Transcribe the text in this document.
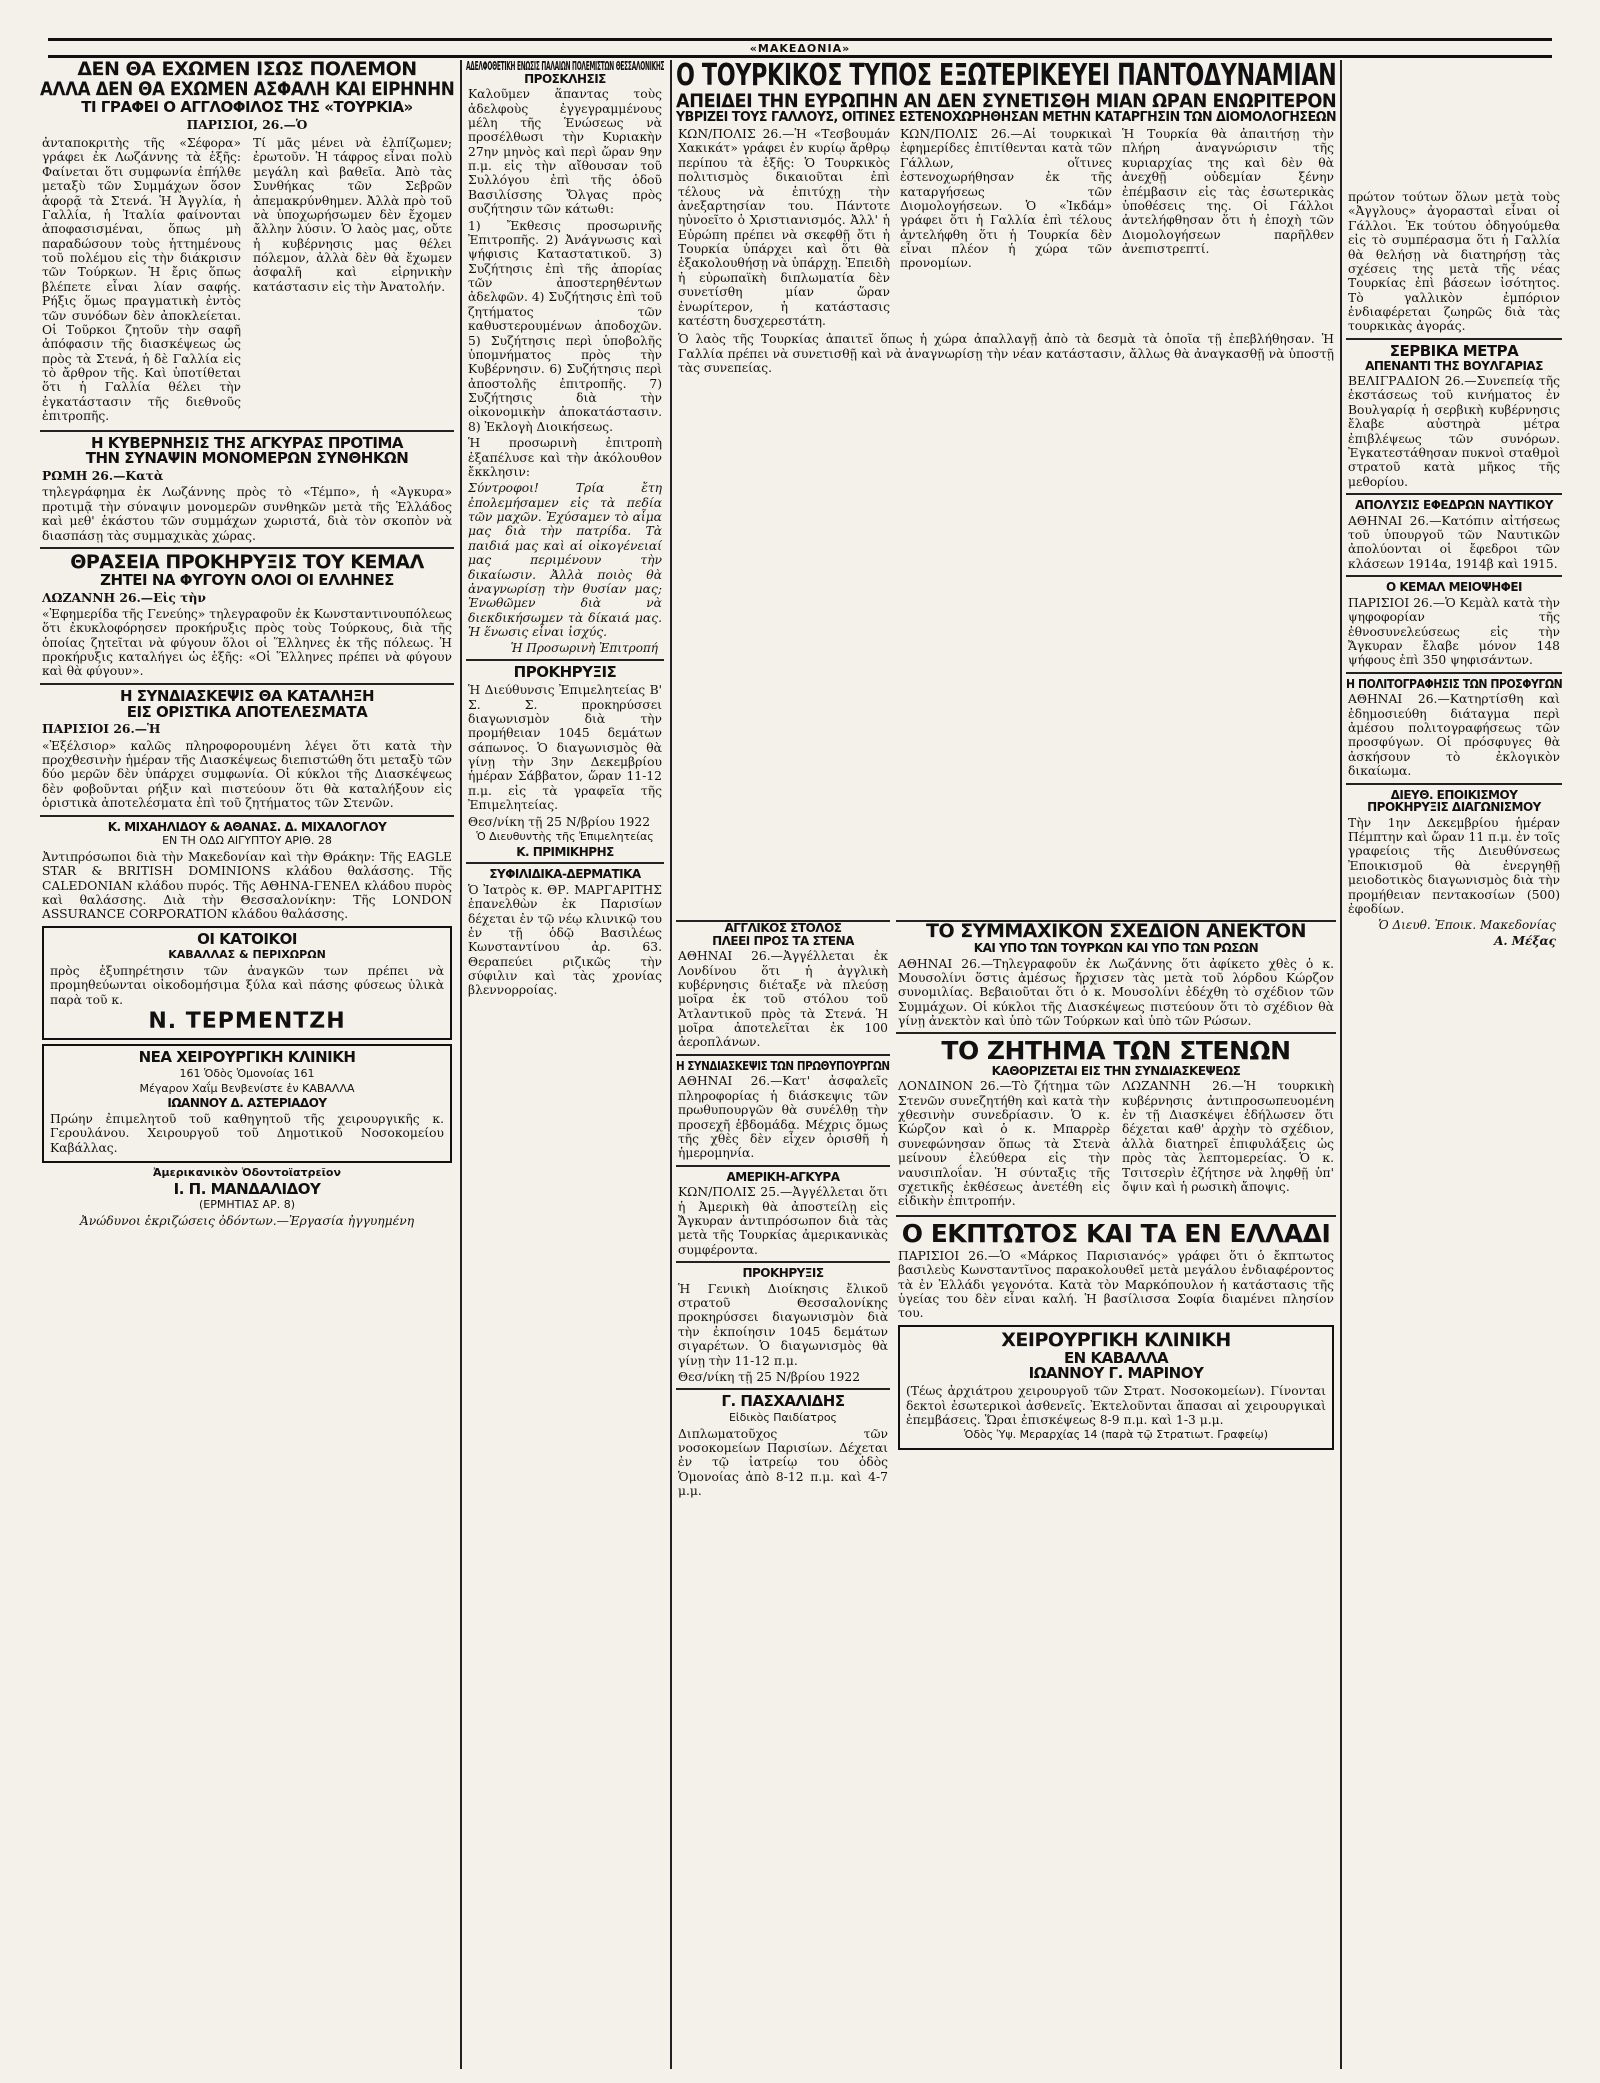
«ΜΑΚΕΔΟΝΙΑ»
ΔΕΝ ΘΑ ΕΧΩΜΕΝ ΙΣΩΣ ΠΟΛΕΜΟΝ
ΑΛΛΑ ΔΕΝ ΘΑ ΕΧΩΜΕΝ ΑΣΦΑΛΗ ΚΑΙ ΕΙΡΗΝΗΝ
ΤΙ ΓΡΑΦΕΙ Ο ΑΓΓΛΟΦΙΛΟΣ ΤΗΣ «ΤΟΥΡΚΙΑ»
ΠΑΡΙΣΙΟΙ, 26.—Ὁ
ἀνταποκριτὴς τῆς «Σέφορα» γράφει ἐκ Λωζάννης τὰ ἑξῆς: Φαίνεται ὅτι συμφωνία ἐπήλθε μεταξὺ τῶν Συμμάχων ὅσον ἀφορᾷ τὰ Στενά. Ἡ Ἀγγλία, ἡ Γαλλία, ἡ Ἰταλία φαίνονται ἀποφασισμέναι, ὅπως μὴ παραδώσουν τοὺς ἡττημένους τοῦ πολέμου εἰς τὴν διάκρισιν τῶν Τούρκων. Ἡ ἔρις ὅπως βλέπετε εἶναι λίαν σαφής. Ρήξις ὅμως πραγματικὴ ἐντὸς τῶν συνόδων δὲν ἀποκλείεται. Οἱ Τοῦρκοι ζητοῦν τὴν σαφῆ ἀπόφασιν τῆς διασκέψεως ὡς πρὸς τὰ Στενά, ἡ δὲ Γαλλία εἰς τὸ ἄρθρον τῆς. Καὶ ὑποτίθεται ὅτι ἡ Γαλλία θέλει τὴν ἐγκατάστασιν τῆς διεθνοῦς ἐπιτροπῆς.
Τί μᾶς μένει νὰ ἐλπίζωμεν; ἐρωτοῦν. Ἡ τάφρος εἶναι πολὺ μεγάλη καὶ βαθεῖα. Ἀπὸ τὰς Συνθήκας τῶν Σεβρῶν ἀπεμακρύνθημεν. Ἀλλὰ πρὸ τοῦ νὰ ὑποχωρήσωμεν δὲν ἔχομεν ἄλλην λύσιν. Ὁ λαὸς μας, οὔτε ἡ κυβέρνησις μας θέλει πόλεμον, ἀλλὰ δὲν θὰ ἔχωμεν ἀσφαλῆ καὶ εἰρηνικὴν κατάστασιν εἰς τὴν Ἀνατολήν.
Η ΚΥΒΕΡΝΗΣΙΣ ΤΗΣ ΑΓΚΥΡΑΣ ΠΡΟΤΙΜΑ
ΤΗΝ ΣΥΝΑΨΙΝ ΜΟΝΟΜΕΡΩΝ ΣΥΝΘΗΚΩΝ
ΡΩΜΗ 26.—Κατὰ
τηλεγράφημα ἐκ Λωζάννης πρὸς τὸ «Τέμπο», ἡ «Ἀγκυρα» προτιμᾷ τὴν σύναψιν μονομερῶν συνθηκῶν μετὰ τῆς Ἑλλάδος καὶ μεθ' ἑκάστου τῶν συμμάχων χωριστά, διὰ τὸν σκοπὸν νὰ διασπάσῃ τὰς συμμαχικὰς χώρας.
ΘΡΑΣΕΙΑ ΠΡΟΚΗΡΥΞΙΣ ΤΟΥ ΚΕΜΑΛ
ΖΗΤΕΙ ΝΑ ΦΥΓΟΥΝ ΟΛΟΙ ΟΙ ΕΛΛΗΝΕΣ
ΛΩΖΑΝΝΗ 26.—Εἰς τὴν
«Ἐφημερίδα τῆς Γενεύης» τηλεγραφοῦν ἐκ Κωνσταντινουπόλεως ὅτι ἐκυκλοφόρησεν προκήρυξις πρὸς τοὺς Τούρκους, διὰ τῆς ὁποίας ζητεῖται νὰ φύγουν ὅλοι οἱ Ἕλληνες ἐκ τῆς πόλεως. Ἡ προκήρυξις καταλήγει ὡς ἑξῆς: «Οἱ Ἕλληνες πρέπει νὰ φύγουν καὶ θὰ φύγουν».
Η ΣΥΝΔΙΑΣΚΕΨΙΣ ΘΑ ΚΑΤΑΛΗΞΗ
ΕΙΣ ΟΡΙΣΤΙΚΑ ΑΠΟΤΕΛΕΣΜΑΤΑ
ΠΑΡΙΣΙΟΙ 26.—Ἡ
«Ἐξέλσιορ» καλῶς πληροφορουμένη λέγει ὅτι κατὰ τὴν προχθεσινὴν ἡμέραν τῆς Διασκέψεως διεπιστώθη ὅτι μεταξὺ τῶν δύο μερῶν δὲν ὑπάρχει συμφωνία. Οἱ κύκλοι τῆς Διασκέψεως δὲν φοβοῦνται ρήξιν καὶ πιστεύουν ὅτι θὰ καταλήξουν εἰς ὁριστικὰ ἀποτελέσματα ἐπὶ τοῦ ζητήματος τῶν Στενῶν.
Κ. ΜΙΧΑΗΛΙΔΟΥ & ΑΘΑΝΑΣ. Δ. ΜΙΧΑΛΟΓΛΟΥ
ΕΝ ΤΗ ΟΔΩ ΑΙΓΥΠΤΟΥ ΑΡΙΘ. 28
Ἀντιπρόσωποι διὰ τὴν Μακεδονίαν καὶ τὴν Θράκην: Τῆς EAGLE STAR & BRITISH DOMINIONS κλάδου θαλάσσης. Τῆς CALEDONIAN κλάδου πυρός. Τῆς ΑΘΗΝΑ-ΓΕΝΕΛ κλάδου πυρὸς καὶ θαλάσσης. Διὰ τὴν Θεσσαλονίκην: Τῆς LONDON ASSURANCE CORPORATION κλάδου θαλάσσης.
ΟΙ ΚΑΤΟΙΚΟΙ
ΚΑΒΑΛΛΑΣ & ΠΕΡΙΧΩΡΩΝ
πρὸς ἐξυπηρέτησιν τῶν ἀναγκῶν των πρέπει νὰ προμηθεύωνται οἰκοδομήσιμα ξύλα καὶ πάσης φύσεως ὑλικὰ παρὰ τοῦ κ.
Ν. ΤΕΡΜΕΝΤΖΗ
ΝΕΑ ΧΕΙΡΟΥΡΓΙΚΗ ΚΛΙΝΙΚΗ
161 Ὁδὸς Ὁμονοίας 161
Μέγαρον Χαΐμ Βενβενίστε ἐν ΚΑΒΑΛΛΑ
ΙΩΑΝΝΟΥ Δ. ΑΣΤΕΡΙΑΔΟΥ
Πρώην ἐπιμελητοῦ τοῦ καθηγητοῦ τῆς χειρουργικῆς κ. Γερουλάνου. Χειρουργοῦ τοῦ Δημοτικοῦ Νοσοκομείου Καβάλλας.
Ἀμερικανικὸν Ὀδοντοϊατρεῖον
Ι. Π. ΜΑΝΔΑΛΙΔΟΥ
(ΕΡΜΗΤΙΑΣ ΑΡ. 8)
Ἀνώδυνοι ἐκριζώσεις ὀδόντων.—Ἐργασία ἠγγυημένη
ΑΔΕΛΦΟΘΕΤΙΚΗ ΕΝΩΣΙΣ ΠΑΛΑΙΩΝ ΠΟΛΕΜΙΣΤΩΝ ΘΕΣΣΑΛΟΝΙΚΗΣ
ΠΡΟΣΚΛΗΣΙΣ
Καλοῦμεν ἅπαντας τοὺς ἀδελφοὺς ἐγγεγραμμένους μέλη τῆς Ἑνώσεως νὰ προσέλθωσι τὴν Κυριακὴν 27ην μηνὸς καὶ περὶ ὥραν 9ην π.μ. εἰς τὴν αἴθουσαν τοῦ Συλλόγου ἐπὶ τῆς ὁδοῦ Βασιλίσσης Ὄλγας πρὸς συζήτησιν τῶν κάτωθι:
1) Ἔκθεσις προσωρινῆς Ἐπιτροπῆς. 2) Ἀνάγνωσις καὶ ψήφισις Καταστατικοῦ. 3) Συζήτησις ἐπὶ τῆς ἀπορίας τῶν ἀποστερηθέντων ἀδελφῶν. 4) Συζήτησις ἐπὶ τοῦ ζητήματος τῶν καθυστερουμένων ἀποδοχῶν. 5) Συζήτησις περὶ ὑποβολῆς ὑπομνήματος πρὸς τὴν Κυβέρνησιν. 6) Συζήτησις περὶ ἀποστολῆς ἐπιτροπῆς. 7) Συζήτησις διὰ τὴν οἰκονομικὴν ἀποκατάστασιν. 8) Ἐκλογὴ Διοικήσεως.
Ἡ προσωρινὴ ἐπιτροπὴ ἐξαπέλυσε καὶ τὴν ἀκόλουθον ἔκκλησιν:
Σύντροφοι! Τρία ἔτη ἐπολεμήσαμεν εἰς τὰ πεδία τῶν μαχῶν. Ἐχύσαμεν τὸ αἷμα μας διὰ τὴν πατρίδα. Τὰ παιδιά μας καὶ αἱ οἰκογένειαί μας περιμένουν τὴν δικαίωσιν. Ἀλλὰ ποιὸς θὰ ἀναγνωρίσῃ τὴν θυσίαν μας; Ἐνωθῶμεν διὰ νὰ διεκδικήσωμεν τὰ δίκαιά μας. Ἡ ἕνωσις εἶναι ἰσχύς.
Ἡ Προσωρινὴ Ἐπιτροπή
ΠΡΟΚΗΡΥΞΙΣ
Ἡ Διεύθυνσις Ἐπιμελητείας Β' Σ. Σ. προκηρύσσει διαγωνισμὸν διὰ τὴν προμήθειαν 1045 δεμάτων σάπωνος. Ὁ διαγωνισμὸς θὰ γίνῃ τὴν 3ην Δεκεμβρίου ἡμέραν Σάββατον, ὥραν 11-12 π.μ. εἰς τὰ γραφεῖα τῆς Ἐπιμελητείας.
Θεσ/νίκη τῇ 25 Ν/βρίου 1922
Ὁ Διευθυντὴς τῆς Ἐπιμελητείας
Κ. ΠΡΙΜΙΚΗΡΗΣ
ΣΥΦΙΛΙΔΙΚΑ-ΔΕΡΜΑΤΙΚΑ
Ὁ Ἰατρὸς κ. ΘΡ. ΜΑΡΓΑΡΙΤΗΣ ἐπανελθὼν ἐκ Παρισίων δέχεται ἐν τῷ νέῳ κλινικῷ του ἐν τῇ ὁδῷ Βασιλέως Κωνσταντίνου ἀρ. 63. Θεραπεύει ριζικῶς τὴν σύφιλιν καὶ τὰς χρονίας βλεννορροίας.
Ο ΤΟΥΡΚΙΚΟΣ ΤΥΠΟΣ ΕΞΩΤΕΡΙΚΕΥΕΙ ΠΑΝΤΟΔΥΝΑΜΙΑΝ
ΑΠΕΙΔΕΙ ΤΗΝ ΕΥΡΩΠΗΝ ΑΝ ΔΕΝ ΣΥΝΕΤΙΣΘΗ ΜΙΑΝ ΩΡΑΝ ΕΝΩΡΙΤΕΡΟΝ
ΥΒΡΙΖΕΙ ΤΟΥΣ ΓΑΛΛΟΥΣ, ΟΙΤΙΝΕΣ ΕΣΤΕΝΟΧΩΡΗΘΗΣΑΝ ΜΕΤΗΝ ΚΑΤΑΡΓΗΣΙΝ ΤΩΝ ΔΙΟΜΟΛΟΓΗΣΕΩΝ
ΚΩΝ/ΠΟΛΙΣ 26.—Ἡ «Τεσβουμάν Χακικάτ» γράφει ἐν κυρίῳ ἄρθρῳ περίπου τὰ ἑξῆς: Ὁ Τουρκικὸς πολιτισμὸς δικαιοῦται ἐπὶ τέλους νὰ ἐπιτύχῃ τὴν ἀνεξαρτησίαν του. Πάντοτε ηὐνοεῖτο ὁ Χριστιανισμός. Ἀλλ' ἡ Εὐρώπη πρέπει νὰ σκεφθῇ ὅτι ἡ Τουρκία ὑπάρχει καὶ ὅτι θὰ ἐξακολουθήσῃ νὰ ὑπάρχῃ. Ἐπειδὴ ἡ εὐρωπαϊκὴ διπλωματία δὲν συνετίσθη μίαν ὥραν ἐνωρίτερον, ἡ κατάστασις κατέστη δυσχερεστάτη.
ΚΩΝ/ΠΟΛΙΣ 26.—Αἱ τουρκικαὶ ἐφημερίδες ἐπιτίθενται κατὰ τῶν Γάλλων, οἵτινες ἐστενοχωρήθησαν ἐκ τῆς καταργήσεως τῶν Διομολογήσεων. Ὁ «Ἰκδάμ» γράφει ὅτι ἡ Γαλλία ἐπὶ τέλους ἀντελήφθη ὅτι ἡ Τουρκία δὲν εἶναι πλέον ἡ χώρα τῶν προνομίων.
Ἡ Τουρκία θὰ ἀπαιτήσῃ τὴν πλήρη ἀναγνώρισιν τῆς κυριαρχίας της καὶ δὲν θὰ ἀνεχθῇ οὐδεμίαν ξένην ἐπέμβασιν εἰς τὰς ἐσωτερικὰς ὑποθέσεις της. Οἱ Γάλλοι ἀντελήφθησαν ὅτι ἡ ἐποχὴ τῶν Διομολογήσεων παρῆλθεν ἀνεπιστρεπτί.
Ὁ λαὸς τῆς Τουρκίας ἀπαιτεῖ ὅπως ἡ χώρα ἀπαλλαγῇ ἀπὸ τὰ δεσμὰ τὰ ὁποῖα τῇ ἐπεβλήθησαν. Ἡ Γαλλία πρέπει νὰ συνετισθῇ καὶ νὰ ἀναγνωρίσῃ τὴν νέαν κατάστασιν, ἄλλως θὰ ἀναγκασθῇ νὰ ὑποστῇ τὰς συνεπείας.
ΑΓΓΛΙΚΟΣ ΣΤΟΛΟΣ
ΠΛΕΕΙ ΠΡΟΣ ΤΑ ΣΤΕΝΑ
ΑΘΗΝΑΙ 26.—Ἀγγέλλεται ἐκ Λονδίνου ὅτι ἡ ἀγγλικὴ κυβέρνησις διέταξε νὰ πλεύσῃ μοῖρα ἐκ τοῦ στόλου τοῦ Ἀτλαντικοῦ πρὸς τὰ Στενά. Ἡ μοῖρα ἀποτελεῖται ἐκ 100 ἀεροπλάνων.
Η ΣΥΝΔΙΑΣΚΕΨΙΣ ΤΩΝ ΠΡΩΘΥΠΟΥΡΓΩΝ
ΑΘΗΝΑΙ 26.—Κατ' ἀσφαλεῖς πληροφορίας ἡ διάσκεψις τῶν πρωθυπουργῶν θὰ συνέλθῃ τὴν προσεχῆ ἑβδομάδα. Μέχρις ὅμως τῆς χθὲς δὲν εἶχεν ὁρισθῆ ἡ ἡμερομηνία.
ΑΜΕΡΙΚΗ-ΑΓΚΥΡΑ
ΚΩΝ/ΠΟΛΙΣ 25.—Ἀγγέλλεται ὅτι ἡ Ἀμερικὴ θὰ ἀποστείλῃ εἰς Ἄγκυραν ἀντιπρόσωπον διὰ τὰς μετὰ τῆς Τουρκίας ἀμερικανικὰς συμφέροντα.
ΠΡΟΚΗΡΥΞΙΣ
Ἡ Γενικὴ Διοίκησις ἔλικοῦ στρατοῦ Θεσσαλονίκης προκηρύσσει διαγωνισμὸν διὰ τὴν ἐκποίησιν 1045 δεμάτων σιγαρέτων. Ὁ διαγωνισμὸς θὰ γίνῃ τὴν 11-12 π.μ.
Θεσ/νίκη τῇ 25 Ν/βρίου 1922
Γ. ΠΑΣΧΑΛΙΔΗΣ
Εἰδικὸς Παιδίατρος
Διπλωματοῦχος τῶν νοσοκομείων Παρισίων. Δέχεται ἐν τῷ ἰατρείῳ του ὁδὸς Ὁμονοίας ἀπὸ 8-12 π.μ. καὶ 4-7 μ.μ.
ΤΟ ΣΥΜΜΑΧΙΚΟΝ ΣΧΕΔΙΟΝ ΑΝΕΚΤΟΝ
ΚΑΙ ΥΠΟ ΤΩΝ ΤΟΥΡΚΩΝ ΚΑΙ ΥΠΟ ΤΩΝ ΡΩΣΩΝ
ΑΘΗΝΑΙ 26.—Τηλεγραφοῦν ἐκ Λωζάννης ὅτι ἀφίκετο χθὲς ὁ κ. Μουσολίνι ὅστις ἀμέσως ἤρχισεν τὰς μετὰ τοῦ λόρδου Κώρζον συνομιλίας. Βεβαιοῦται ὅτι ὁ κ. Μουσολίνι ἐδέχθη τὸ σχέδιον τῶν Συμμάχων. Οἱ κύκλοι τῆς Διασκέψεως πιστεύουν ὅτι τὸ σχέδιον θὰ γίνῃ ἀνεκτὸν καὶ ὑπὸ τῶν Τούρκων καὶ ὑπὸ τῶν Ρώσων.
ΤΟ ΖΗΤΗΜΑ ΤΩΝ ΣΤΕΝΩΝ
ΚΑΘΟΡΙΖΕΤΑΙ ΕΙΣ ΤΗΝ ΣΥΝΔΙΑΣΚΕΨΕΩΣ
ΛΟΝΔΙΝΟΝ 26.—Τὸ ζήτημα τῶν Στενῶν συνεζητήθη καὶ κατὰ τὴν χθεσινὴν συνεδρίασιν. Ὁ κ. Κώρζον καὶ ὁ κ. Μπαρρὲρ συνεφώνησαν ὅπως τὰ Στενὰ μείνουν ἐλεύθερα εἰς τὴν ναυσιπλοΐαν. Ἡ σύνταξις τῆς σχετικῆς ἐκθέσεως ἀνετέθη εἰς εἰδικὴν ἐπιτροπήν.
ΛΩΖΑΝΝΗ 26.—Ἡ τουρκικὴ κυβέρνησις ἀντιπροσωπευομένη ἐν τῇ Διασκέψει ἐδήλωσεν ὅτι δέχεται καθ' ἀρχὴν τὸ σχέδιον, ἀλλὰ διατηρεῖ ἐπιφυλάξεις ὡς πρὸς τὰς λεπτομερείας. Ὁ κ. Τσιτσερὶν ἐζήτησε νὰ ληφθῇ ὑπ' ὄψιν καὶ ἡ ρωσικὴ ἄποψις.
Ο ΕΚΠΤΩΤΟΣ ΚΑΙ ΤΑ ΕΝ ΕΛΛΑΔΙ
ΠΑΡΙΣΙΟΙ 26.—Ὁ «Μάρκος Παρισιανός» γράφει ὅτι ὁ ἔκπτωτος βασιλεὺς Κωνσταντῖνος παρακολουθεῖ μετὰ μεγάλου ἐνδιαφέροντος τὰ ἐν Ἑλλάδι γεγονότα. Κατὰ τὸν Μαρκόπουλον ἡ κατάστασις τῆς ὑγείας του δὲν εἶναι καλή. Ἡ βασίλισσα Σοφία διαμένει πλησίον του.
ΧΕΙΡΟΥΡΓΙΚΗ ΚΛΙΝΙΚΗ
ΕΝ ΚΑΒΑΛΛΑ
ΙΩΑΝΝΟΥ Γ. ΜΑΡΙΝΟΥ
(Τέως ἀρχιάτρου χειρουργοῦ τῶν Στρατ. Νοσοκομείων). Γίνονται δεκτοὶ ἐσωτερικοὶ ἀσθενεῖς. Ἐκτελοῦνται ἅπασαι αἱ χειρουργικαὶ ἐπεμβάσεις. Ὥραι ἐπισκέψεως 8-9 π.μ. καὶ 1-3 μ.μ.
Ὁδὸς Ὑψ. Μεραρχίας 14 (παρὰ τῷ Στρατιωτ. Γραφείῳ)
πρώτον τούτων ὅλων μετὰ τοὺς «Ἀγγλους» ἀγορασταὶ εἶναι οἱ Γάλλοι. Ἐκ τούτου ὁδηγούμεθα εἰς τὸ συμπέρασμα ὅτι ἡ Γαλλία θὰ θελήσῃ νὰ διατηρήσῃ τὰς σχέσεις της μετὰ τῆς νέας Τουρκίας ἐπὶ βάσεων ἰσότητος. Τὸ γαλλικὸν ἐμπόριον ἐνδιαφέρεται ζωηρῶς διὰ τὰς τουρκικὰς ἀγοράς.
ΣΕΡΒΙΚΑ ΜΕΤΡΑ
ΑΠΕΝΑΝΤΙ ΤΗΣ ΒΟΥΛΓΑΡΙΑΣ
ΒΕΛΙΓΡΑΔΙΟΝ 26.—Συνεπείᾳ τῆς ἐκστάσεως τοῦ κινήματος ἐν Βουλγαρίᾳ ἡ σερβικὴ κυβέρνησις ἔλαβε αὐστηρὰ μέτρα ἐπιβλέψεως τῶν συνόρων. Ἐγκατεστάθησαν πυκνοὶ σταθμοὶ στρατοῦ κατὰ μῆκος τῆς μεθορίου.
ΑΠΟΛΥΣΙΣ ΕΦΕΔΡΩΝ ΝΑΥΤΙΚΟΥ
ΑΘΗΝΑΙ 26.—Κατόπιν αἰτήσεως τοῦ ὑπουργοῦ τῶν Ναυτικῶν ἀπολύονται οἱ ἔφεδροι τῶν κλάσεων 1914α, 1914β καὶ 1915.
Ο ΚΕΜΑΛ ΜΕΙΟΨΗΦΕΙ
ΠΑΡΙΣΙΟΙ 26.—Ὁ Κεμὰλ κατὰ τὴν ψηφοφορίαν τῆς ἐθνοσυνελεύσεως εἰς τὴν Ἄγκυραν ἔλαβε μόνον 148 ψήφους ἐπὶ 350 ψηφισάντων.
Η ΠΟΛΙΤΟΓΡΑΦΗΣΙΣ ΤΩΝ ΠΡΟΣΦΥΓΩΝ
ΑΘΗΝΑΙ 26.—Κατηρτίσθη καὶ ἐδημοσιεύθη διάταγμα περὶ ἀμέσου πολιτογραφήσεως τῶν προσφύγων. Οἱ πρόσφυγες θὰ ἀσκήσουν τὸ ἐκλογικὸν δικαίωμα.
ΔΙΕΥΘ. ΕΠΟΙΚΙΣΜΟΥ
ΠΡΟΚΗΡΥΞΙΣ ΔΙΑΓΩΝΙΣΜΟΥ
Τὴν 1ην Δεκεμβρίου ἡμέραν Πέμπτην καὶ ὥραν 11 π.μ. ἐν τοῖς γραφείοις τῆς Διευθύνσεως Ἐποικισμοῦ θὰ ἐνεργηθῇ μειοδοτικὸς διαγωνισμὸς διὰ τὴν προμήθειαν πεντακοσίων (500) ἐφοδίων.
Ὁ Διευθ. Ἐποικ. Μακεδονίας
Α. Μέξας
